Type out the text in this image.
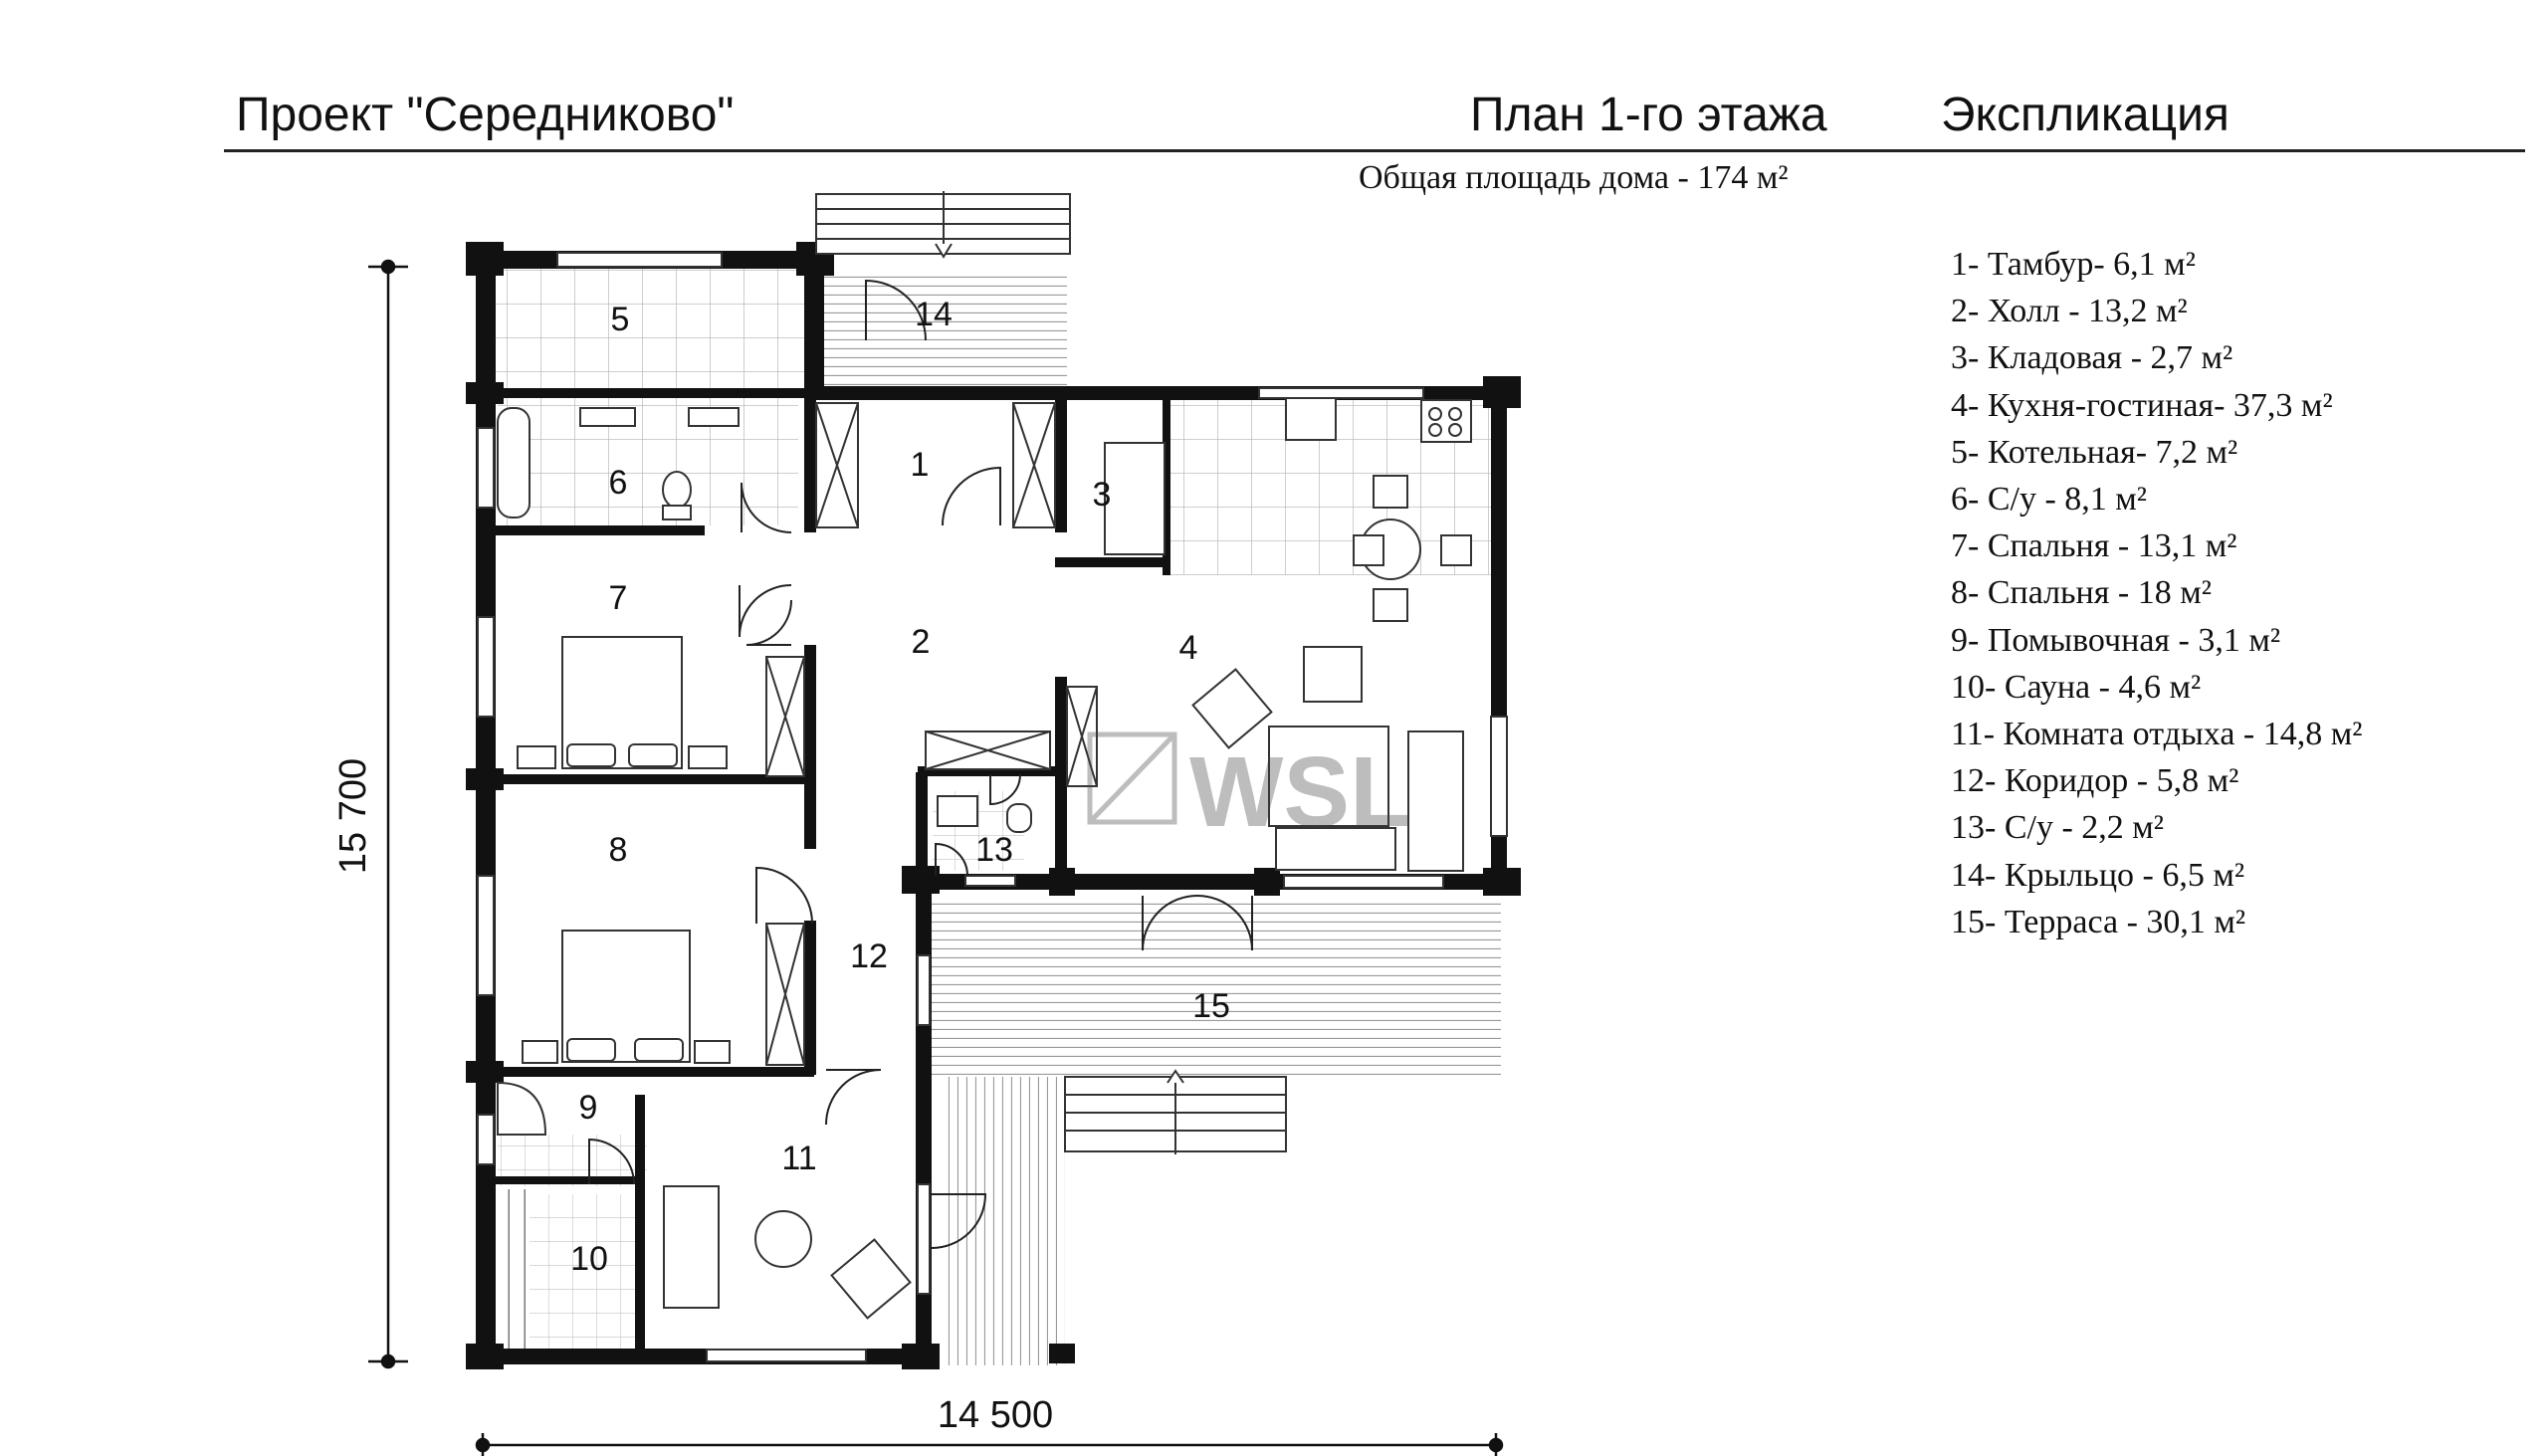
Проект "Середниково"	План 1-го этажа Экспликация
Общая площадь дома - 174 м²
1- Тамбур- 6,1 м²
2- Холл - 13,2 м²
3- Кладовая - 2,7 м²
4- Кухня-гостиная- 37,3 м²
5- Котельная- 7,2 м²
6- С/у - 8,1 м²
7- Спальня - 13,1 м²
8- Спальня - 18 м²
9- Помывочная - 3,1 м²
10- Сауна - 4,6 м²
11- Комната отдыха - 14,8 м²
12- Коридор - 5,8 м²
13- С/у - 2,2 м²
14- Крыльцо - 6,5 м²
15- Терраса - 30,1 м²
WSL
1
2
3
4
5
6
7
8
9
10
11
12
13
14
15
15 700
14 500
